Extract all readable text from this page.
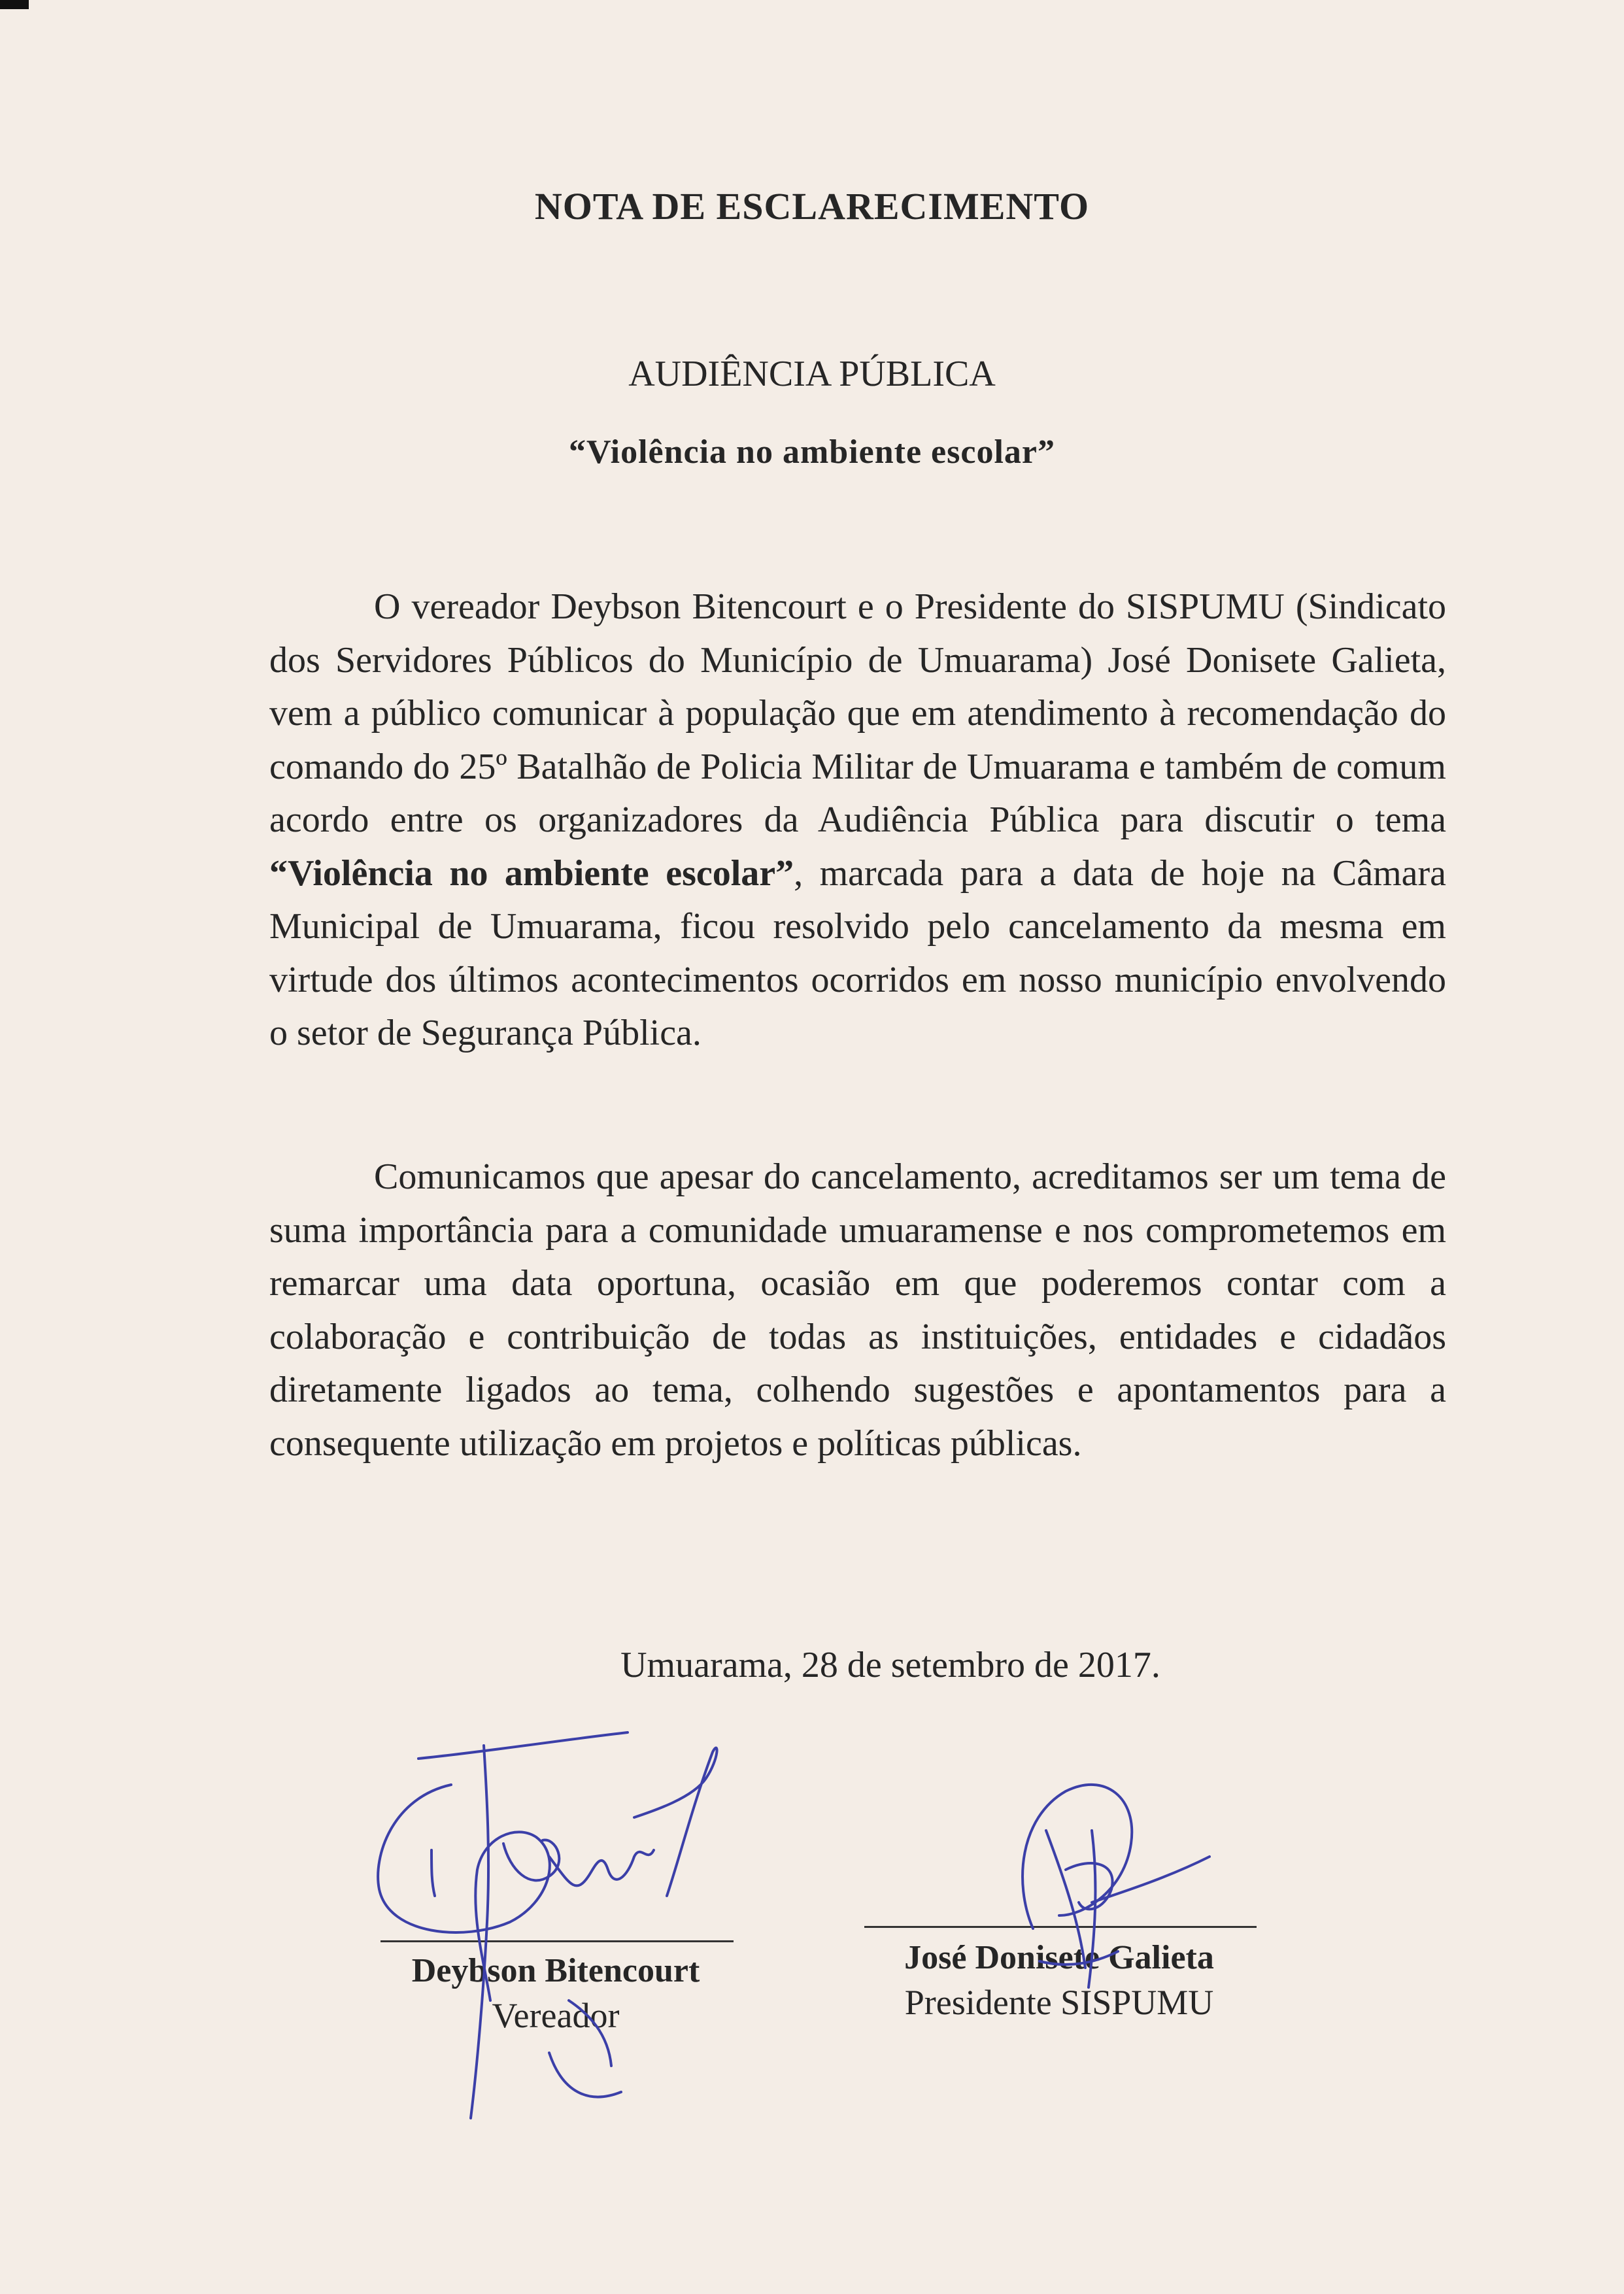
NOTA DE ESCLARECIMENTO
AUDIÊNCIA PÚBLICA
“Violência no ambiente escolar”

O vereador Deybson Bitencourt e o Presidente do SISPUMU (Sindicato dos Servidores Públicos do Município de Umuarama) José Donisete Galieta, vem a público comunicar à população que em atendimento à recomendação do comando do 25º Batalhão de Policia Militar de Umuarama e também de comum acordo entre os organizadores da Audiência Pública para discutir o tema “Violência no ambiente escolar”, marcada para a data de hoje na Câmara Municipal de Umuarama, ficou resolvido pelo cancelamento da mesma em virtude dos últimos acontecimentos ocorridos em nosso município envolvendo o setor de Segurança Pública.

Comunicamos que apesar do cancelamento, acreditamos ser um tema de suma importância para a comunidade umuaramense e nos comprometemos em remarcar uma data oportuna, ocasião em que poderemos contar com a colaboração e contribuição de todas as instituições, entidades e cidadãos diretamente ligados ao tema, colhendo sugestões e apontamentos para a consequente utilização em projetos e políticas públicas.

Umuarama, 28 de setembro de 2017.
Deybson Bitencourt
Vereador
José Donisete Galieta
Presidente SISPUMU
